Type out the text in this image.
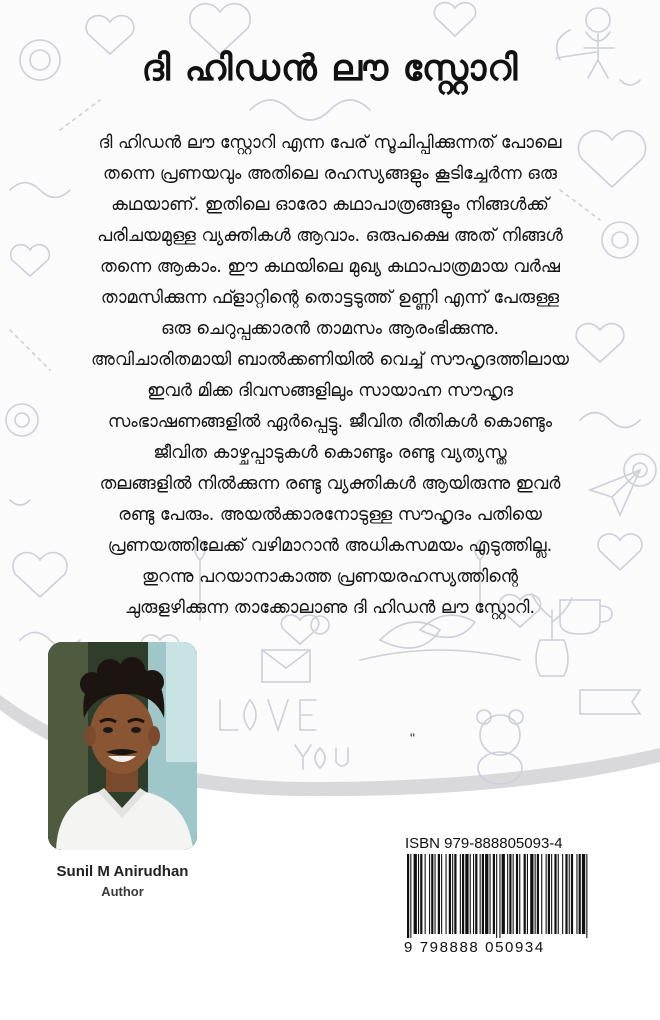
ദി ഹിഡൻ ലൗ സ്റ്റോറി

ദി ഹിഡൻ ലൗ സ്റ്റോറി എന്ന പേര് സൂചിപ്പിക്കുന്നത് പോലെ
തന്നെ പ്രണയവും അതിലെ രഹസ്യങ്ങളും കൂടിച്ചേർന്ന ഒരു
കഥയാണ്. ഇതിലെ ഓരോ കഥാപാത്രങ്ങളും നിങ്ങൾക്ക്
പരിചയമുള്ള വ്യക്തികൾ ആവാം. ഒരുപക്ഷെ അത് നിങ്ങൾ
തന്നെ ആകാം. ഈ കഥയിലെ മുഖ്യ കഥാപാത്രമായ വർഷ
താമസിക്കുന്ന ഫ്ളാറ്റിന്റെ തൊട്ടടുത്ത് ഉണ്ണി എന്ന് പേരുള്ള
ഒരു ചെറുപ്പക്കാരൻ താമസം ആരംഭിക്കുന്നു.
അവിചാരിതമായി ബാൽക്കണിയിൽ വെച്ച് സൗഹൃദത്തിലായ
ഇവർ മിക്ക ദിവസങ്ങളിലും സായാഹ്ന സൗഹൃദ
സംഭാഷണങ്ങളിൽ ഏർപ്പെട്ടു. ജീവിത രീതികൾ കൊണ്ടും
ജീവിത കാഴ്ചപ്പാടുകൾ കൊണ്ടും രണ്ടു വ്യത്യസ്ത
തലങ്ങളിൽ നിൽക്കുന്ന രണ്ടു വ്യക്തികൾ ആയിരുന്നു ഇവർ
രണ്ടു പേരും. അയൽക്കാരനോടുള്ള സൗഹൃദം പതിയെ
പ്രണയത്തിലേക്ക് വഴിമാറാൻ അധികസമയം എടുത്തില്ല.
തുറന്നു പറയാനാകാത്ത പ്രണയരഹസ്യത്തിന്റെ
ചുരുളഴിക്കുന്ന താക്കോലാണു ദി ഹിഡൻ ലൗ സ്റ്റോറി.

Sunil M Anirudhan
Author
"
ISBN 979-888805093-4
9 798888 050934
